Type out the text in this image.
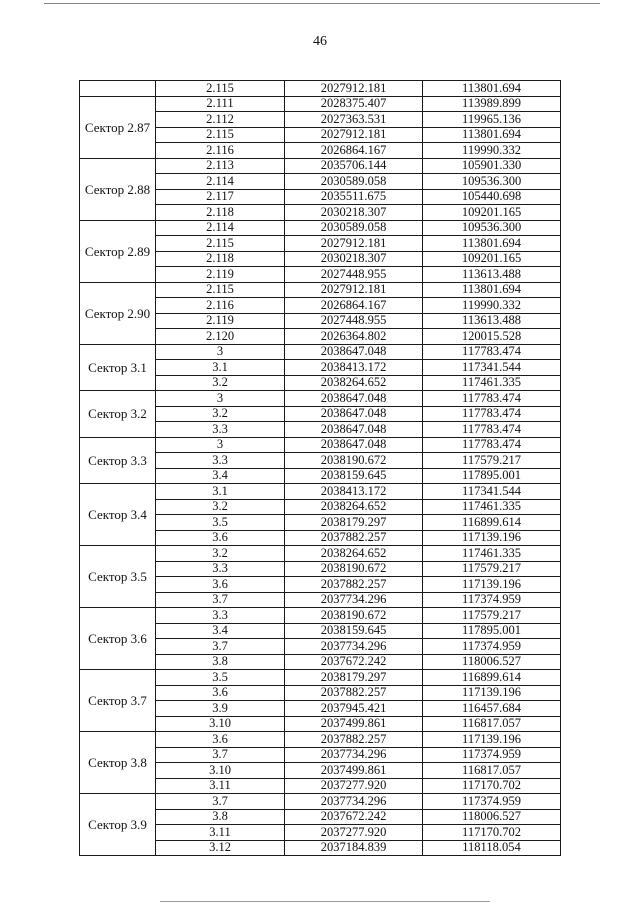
46
	2.115	2027912.181	113801.694
Сектор 2.87	2.111	2028375.407	113989.899
	2.112	2027363.531	119965.136
	2.115	2027912.181	113801.694
	2.116	2026864.167	119990.332
Сектор 2.88	2.113	2035706.144	105901.330
	2.114	2030589.058	109536.300
	2.117	2035511.675	105440.698
	2.118	2030218.307	109201.165
Сектор 2.89	2.114	2030589.058	109536.300
	2.115	2027912.181	113801.694
	2.118	2030218.307	109201.165
	2.119	2027448.955	113613.488
Сектор 2.90	2.115	2027912.181	113801.694
	2.116	2026864.167	119990.332
	2.119	2027448.955	113613.488
	2.120	2026364.802	120015.528
Сектор 3.1	3	2038647.048	117783.474
	3.1	2038413.172	117341.544
	3.2	2038264.652	117461.335
Сектор 3.2	3	2038647.048	117783.474
	3.2	2038647.048	117783.474
	3.3	2038647.048	117783.474
Сектор 3.3	3	2038647.048	117783.474
	3.3	2038190.672	117579.217
	3.4	2038159.645	117895.001
Сектор 3.4	3.1	2038413.172	117341.544
	3.2	2038264.652	117461.335
	3.5	2038179.297	116899.614
	3.6	2037882.257	117139.196
Сектор 3.5	3.2	2038264.652	117461.335
	3.3	2038190.672	117579.217
	3.6	2037882.257	117139.196
	3.7	2037734.296	117374.959
Сектор 3.6	3.3	2038190.672	117579.217
	3.4	2038159.645	117895.001
	3.7	2037734.296	117374.959
	3.8	2037672.242	118006.527
Сектор 3.7	3.5	2038179.297	116899.614
	3.6	2037882.257	117139.196
	3.9	2037945.421	116457.684
	3.10	2037499.861	116817.057
Сектор 3.8	3.6	2037882.257	117139.196
	3.7	2037734.296	117374.959
	3.10	2037499.861	116817.057
	3.11	2037277.920	117170.702
Сектор 3.9	3.7	2037734.296	117374.959
	3.8	2037672.242	118006.527
	3.11	2037277.920	117170.702
	3.12	2037184.839	118118.054
